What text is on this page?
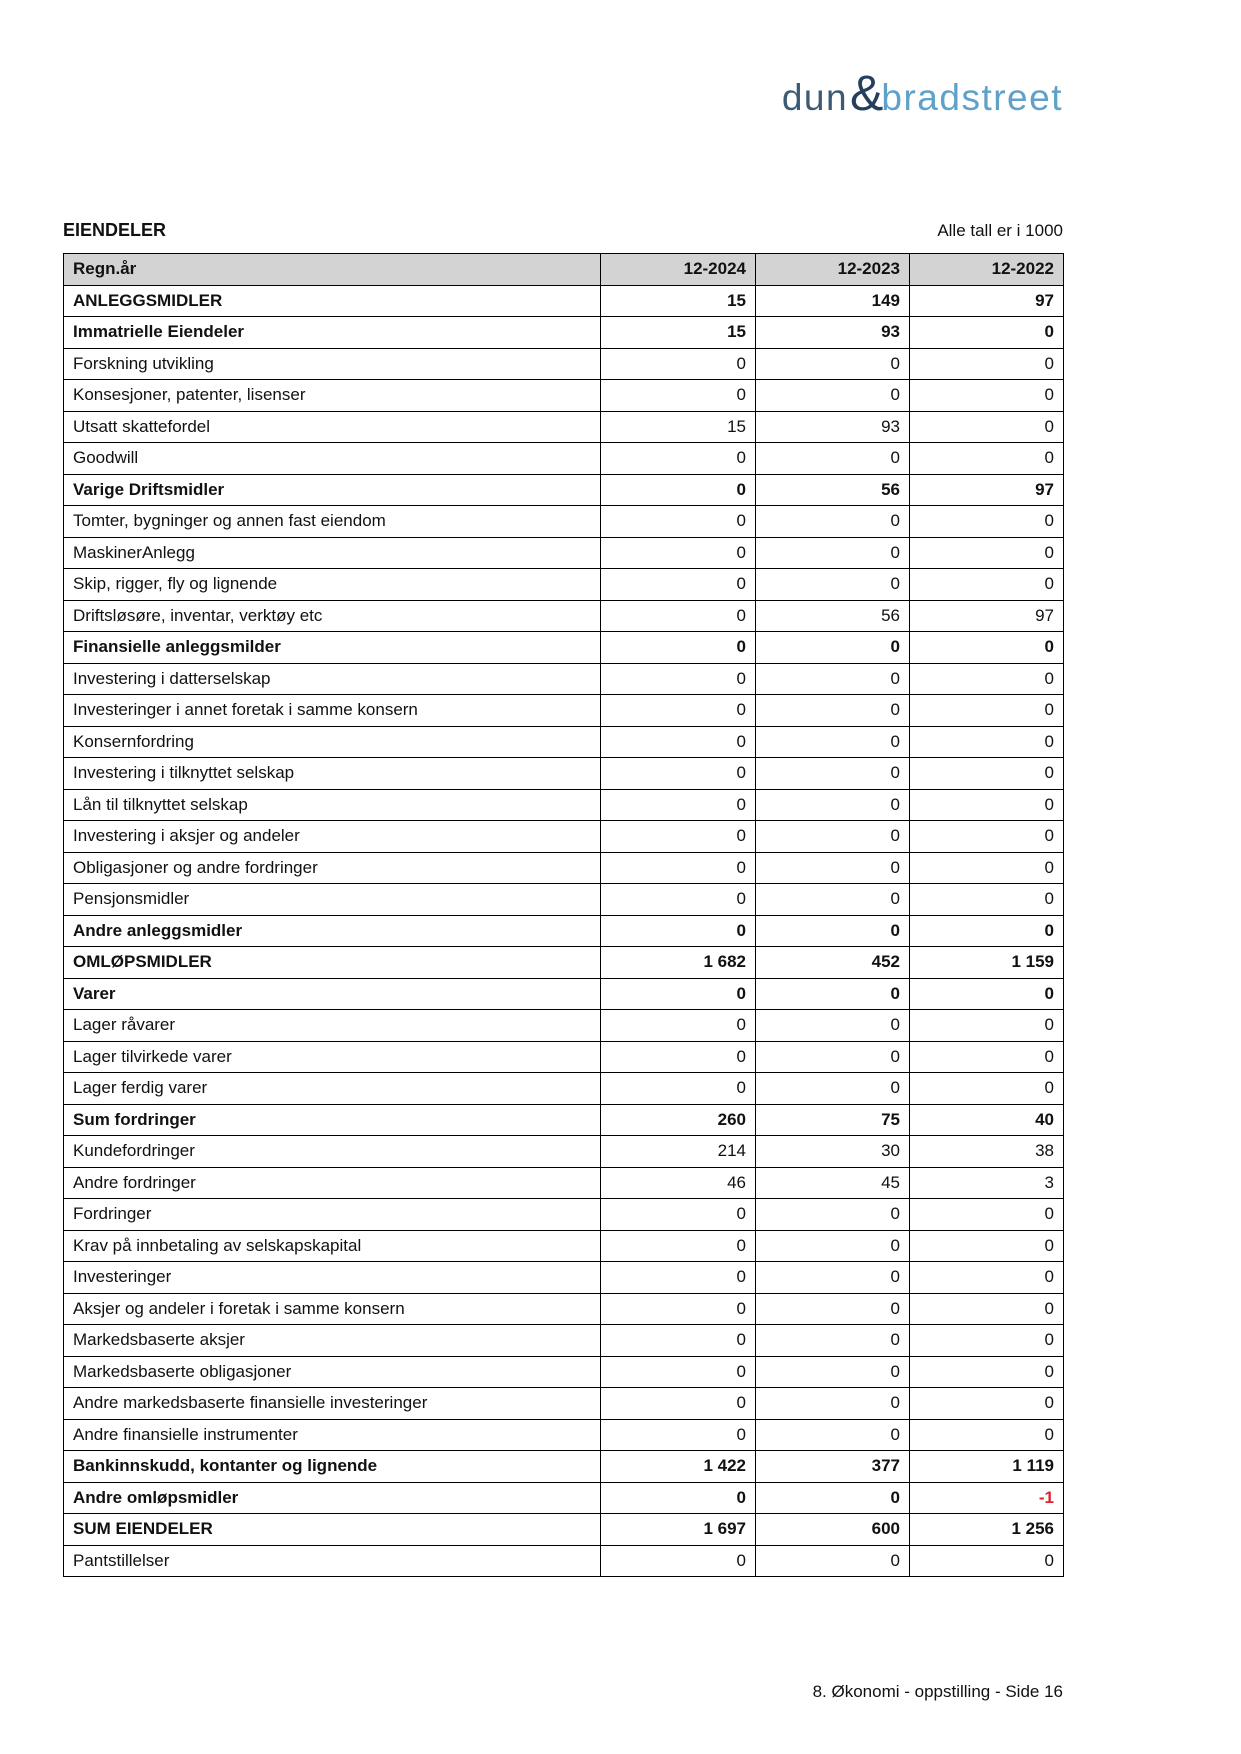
dun &
bradstreet
EIENDELER	Alle tall er i 1000
Regn.år	12-2024	12-2023	12-2022
ANLEGGSMIDLER	15	149	97
Immatrielle Eiendeler	15	93	0
Forskning utvikling	0	0	0
Konsesjoner, patenter, lisenser	0	0	0
Utsatt skattefordel	15	93	0
Goodwill	0	0	0
Varige Driftsmidler	0	56	97
Tomter, bygninger og annen fast eiendom	0	0	0
MaskinerAnlegg	0	0	0
Skip, rigger, fly og lignende	0	0	0
Driftsløsøre, inventar, verktøy etc	0	56	97
Finansielle anleggsmilder	0	0	0
Investering i datterselskap	0	0	0
Investeringer i annet foretak i samme konsern	0	0	0
Konsernfordring	0	0	0
Investering i tilknyttet selskap	0	0	0
Lån til tilknyttet selskap	0	0	0
Investering i aksjer og andeler	0	0	0
Obligasjoner og andre fordringer	0	0	0
Pensjonsmidler	0	0	0
Andre anleggsmidler	0	0	0
OMLØPSMIDLER	1 682	452	1 159
Varer	0	0	0
Lager råvarer	0	0	0
Lager tilvirkede varer	0	0	0
Lager ferdig varer	0	0	0
Sum fordringer	260	75	40
Kundefordringer	214	30	38
Andre fordringer	46	45	3
Fordringer	0	0	0
Krav på innbetaling av selskapskapital	0	0	0
Investeringer	0	0	0
Aksjer og andeler i foretak i samme konsern	0	0	0
Markedsbaserte aksjer	0	0	0
Markedsbaserte obligasjoner	0	0	0
Andre markedsbaserte finansielle investeringer	0	0	0
Andre finansielle instrumenter	0	0	0
Bankinnskudd, kontanter og lignende	1 422	377	1 119
Andre omløpsmidler	0	0	-1
SUM EIENDELER	1 697	600	1 256
Pantstillelser	0	0	0
8. Økonomi - oppstilling - Side 16
